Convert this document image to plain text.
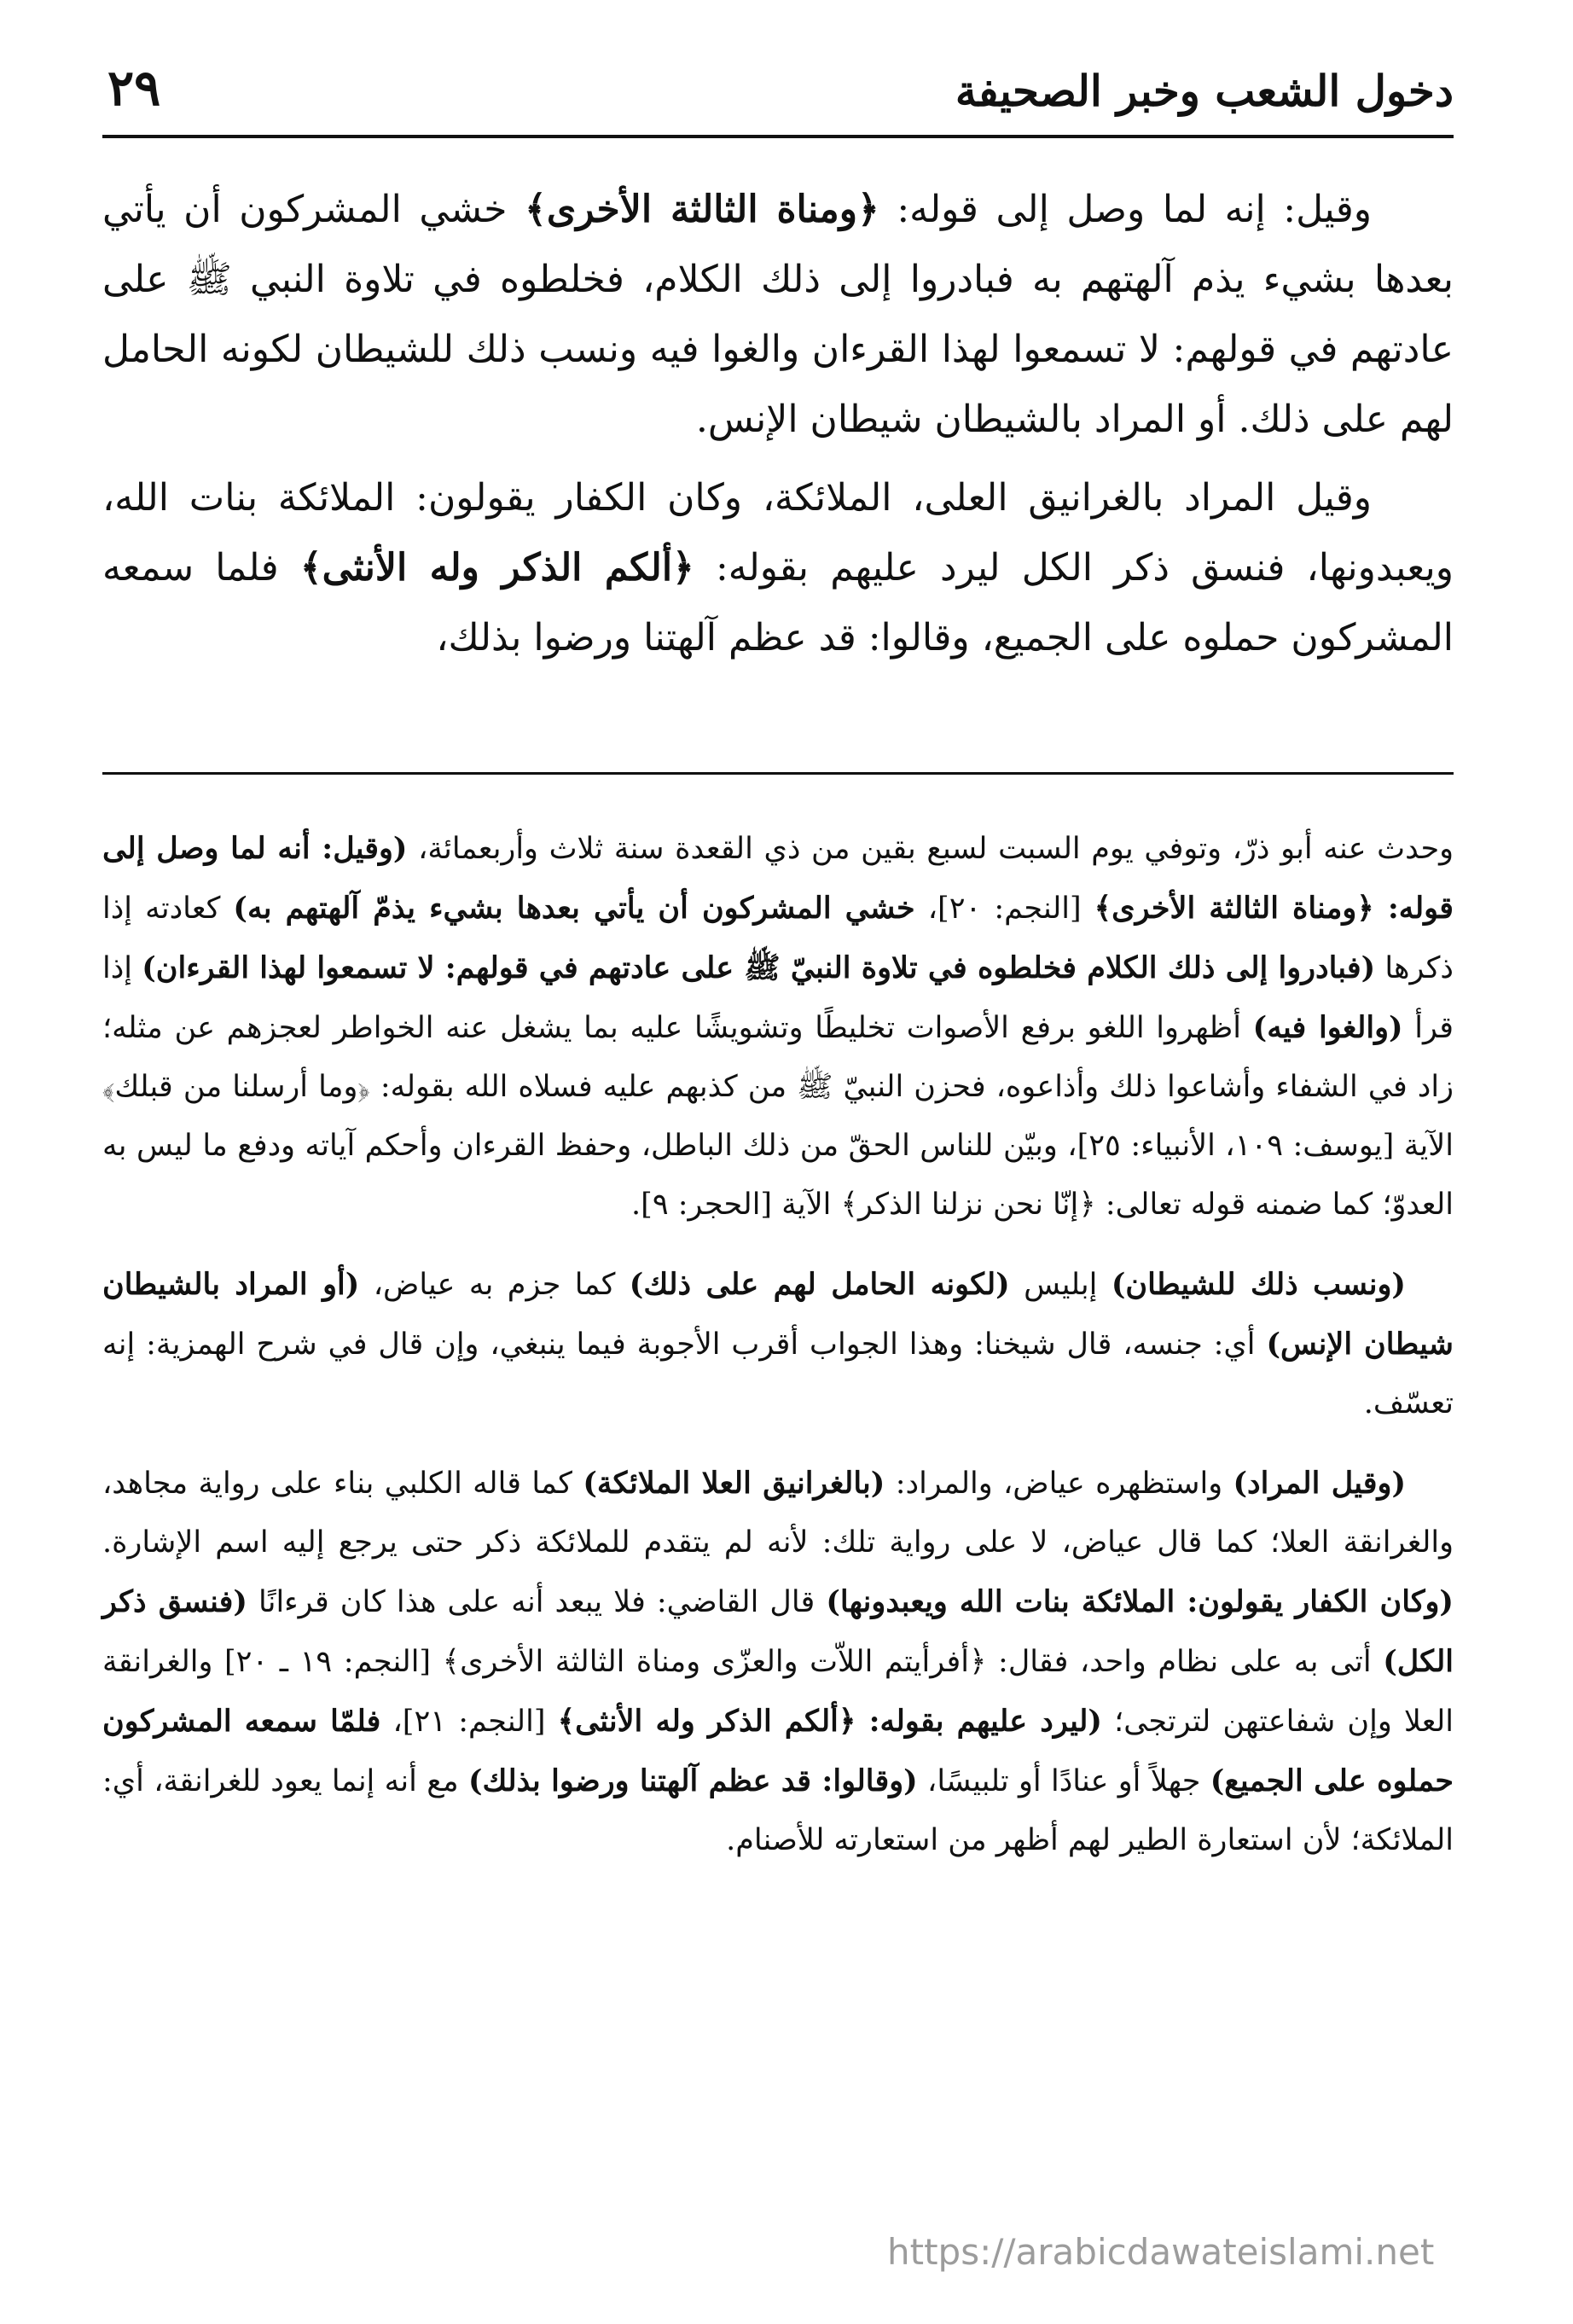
دخول الشعب وخبر الصحيفة
٢٩

وقيل: إنه لما وصل إلى قوله: ﴿ومناة الثالثة الأخرى﴾ خشي المشركون أن يأتي بعدها بشيء يذم آلهتهم به فبادروا إلى ذلك الكلام، فخلطوه في تلاوة النبي ﷺ على عادتهم في قولهم: لا تسمعوا لهذا القرءان والغوا فيه ونسب ذلك للشيطان لكونه الحامل لهم على ذلك. أو المراد بالشيطان شيطان الإنس.

وقيل المراد بالغرانيق العلى، الملائكة، وكان الكفار يقولون: الملائكة بنات الله، ويعبدونها، فنسق ذكر الكل ليرد عليهم بقوله: ﴿ألكم الذكر وله الأنثى﴾ فلما سمعه المشركون حملوه على الجميع، وقالوا: قد عظم آلهتنا ورضوا بذلك،

وحدث عنه أبو ذرّ، وتوفي يوم السبت لسبع بقين من ذي القعدة سنة ثلاث وأربعمائة، (وقيل: أنه لما وصل إلى قوله: ﴿ومناة الثالثة الأخرى﴾ [النجم: ٢٠]، خشي المشركون أن يأتي بعدها بشيء يذمّ آلهتهم به) كعادته إذا ذكرها (فبادروا إلى ذلك الكلام فخلطوه في تلاوة النبيّ ﷺ على عادتهم في قولهم: لا تسمعوا لهذا القرءان) إذا قرأ (والغوا فيه) أظهروا اللغو برفع الأصوات تخليطًا وتشويشًا عليه بما يشغل عنه الخواطر لعجزهم عن مثله؛ زاد في الشفاء وأشاعوا ذلك وأذاعوه، فحزن النبيّ ﷺ من كذبهم عليه فسلاه الله بقوله: ﴿وما أرسلنا من قبلك﴾ الآية [يوسف: ١٠٩، الأنبياء: ٢٥]، وبيّن للناس الحقّ من ذلك الباطل، وحفظ القرءان وأحكم آياته ودفع ما ليس به العدوّ؛ كما ضمنه قوله تعالى: ﴿إنّا نحن نزلنا الذكر﴾ الآية [الحجر: ٩].

(ونسب ذلك للشيطان) إبليس (لكونه الحامل لهم على ذلك) كما جزم به عياض، (أو المراد بالشيطان شيطان الإنس) أي: جنسه، قال شيخنا: وهذا الجواب أقرب الأجوبة فيما ينبغي، وإن قال في شرح الهمزية: إنه تعسّف.

(وقيل المراد) واستظهره عياض، والمراد: (بالغرانيق العلا الملائكة) كما قاله الكلبي بناء على رواية مجاهد، والغرانقة العلا؛ كما قال عياض، لا على رواية تلك: لأنه لم يتقدم للملائكة ذكر حتى يرجع إليه اسم الإشارة. (وكان الكفار يقولون: الملائكة بنات الله ويعبدونها) قال القاضي: فلا يبعد أنه على هذا كان قرءانًا (فنسق ذكر الكل) أتى به على نظام واحد، فقال: ﴿أفرأيتم اللاّت والعزّى ومناة الثالثة الأخرى﴾ [النجم: ١٩ ـ ٢٠] والغرانقة العلا وإن شفاعتهن لترتجى؛ (ليرد عليهم بقوله: ﴿ألكم الذكر وله الأنثى﴾ [النجم: ٢١]، فلمّا سمعه المشركون حملوه على الجميع) جهلاً أو عنادًا أو تلبيسًا، (وقالوا: قد عظم آلهتنا ورضوا بذلك) مع أنه إنما يعود للغرانقة، أي: الملائكة؛ لأن استعارة الطير لهم أظهر من استعارته للأصنام.

https://arabicdawateislami.net
